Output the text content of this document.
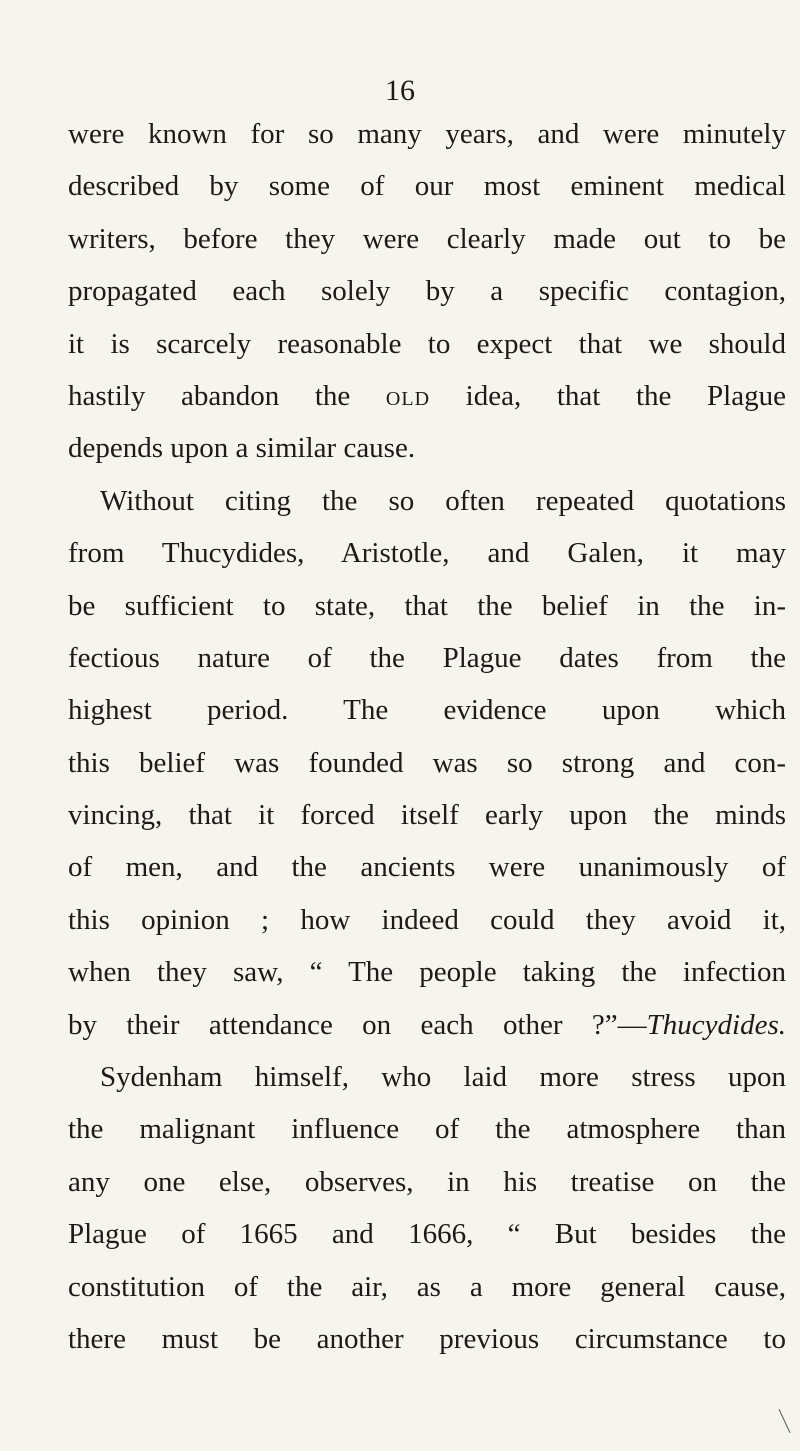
16
were known for so many years, and were minutely
described by some of our most eminent medical
writers, before they were clearly made out to be
propagated each solely by a specific contagion,
it is scarcely reasonable to expect that we should
hastily abandon the old idea, that the Plague
depends upon a similar cause.
Without citing the so often repeated quotations
from Thucydides, Aristotle, and Galen, it may
be sufficient to state, that the belief in the in-
fectious nature of the Plague dates from the
highest period. The evidence upon which
this belief was founded was so strong and con-
vincing, that it forced itself early upon the minds
of men, and the ancients were unanimously of
this opinion ; how indeed could they avoid it,
when they saw, “ The people taking the infection
by their attendance on each other ?”—Thucydides.
Sydenham himself, who laid more stress upon
the malignant influence of the atmosphere than
any one else, observes, in his treatise on the
Plague of 1665 and 1666, “ But besides the
constitution of the air, as a more general cause,
there must be another previous circumstance to
